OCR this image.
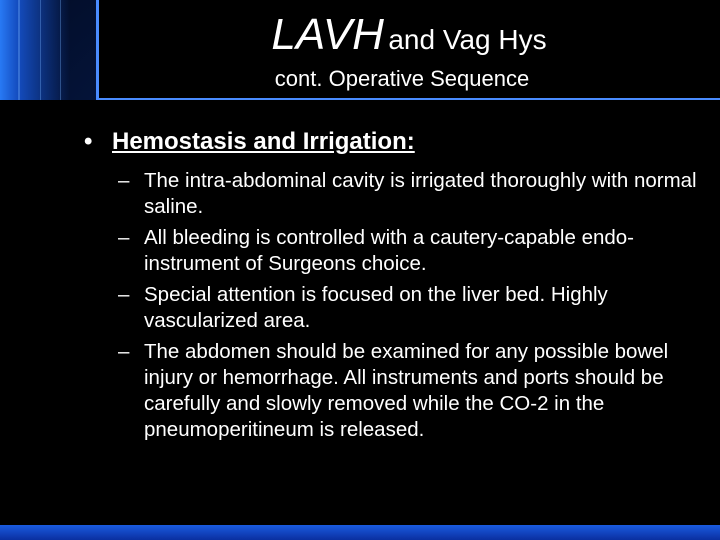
LAVH and Vag Hys
cont. Operative Sequence
• Hemostasis and Irrigation:
– The intra-abdominal cavity is irrigated thoroughly with normal saline.
– All bleeding is controlled with a cautery-capable endo-instrument of Surgeons choice.
– Special attention is focused on the liver bed. Highly vascularized area.
– The abdomen should be examined for any possible bowel injury or hemorrhage. All instruments and ports should be carefully and slowly removed while the CO-2 in the pneumoperitineum is released.
